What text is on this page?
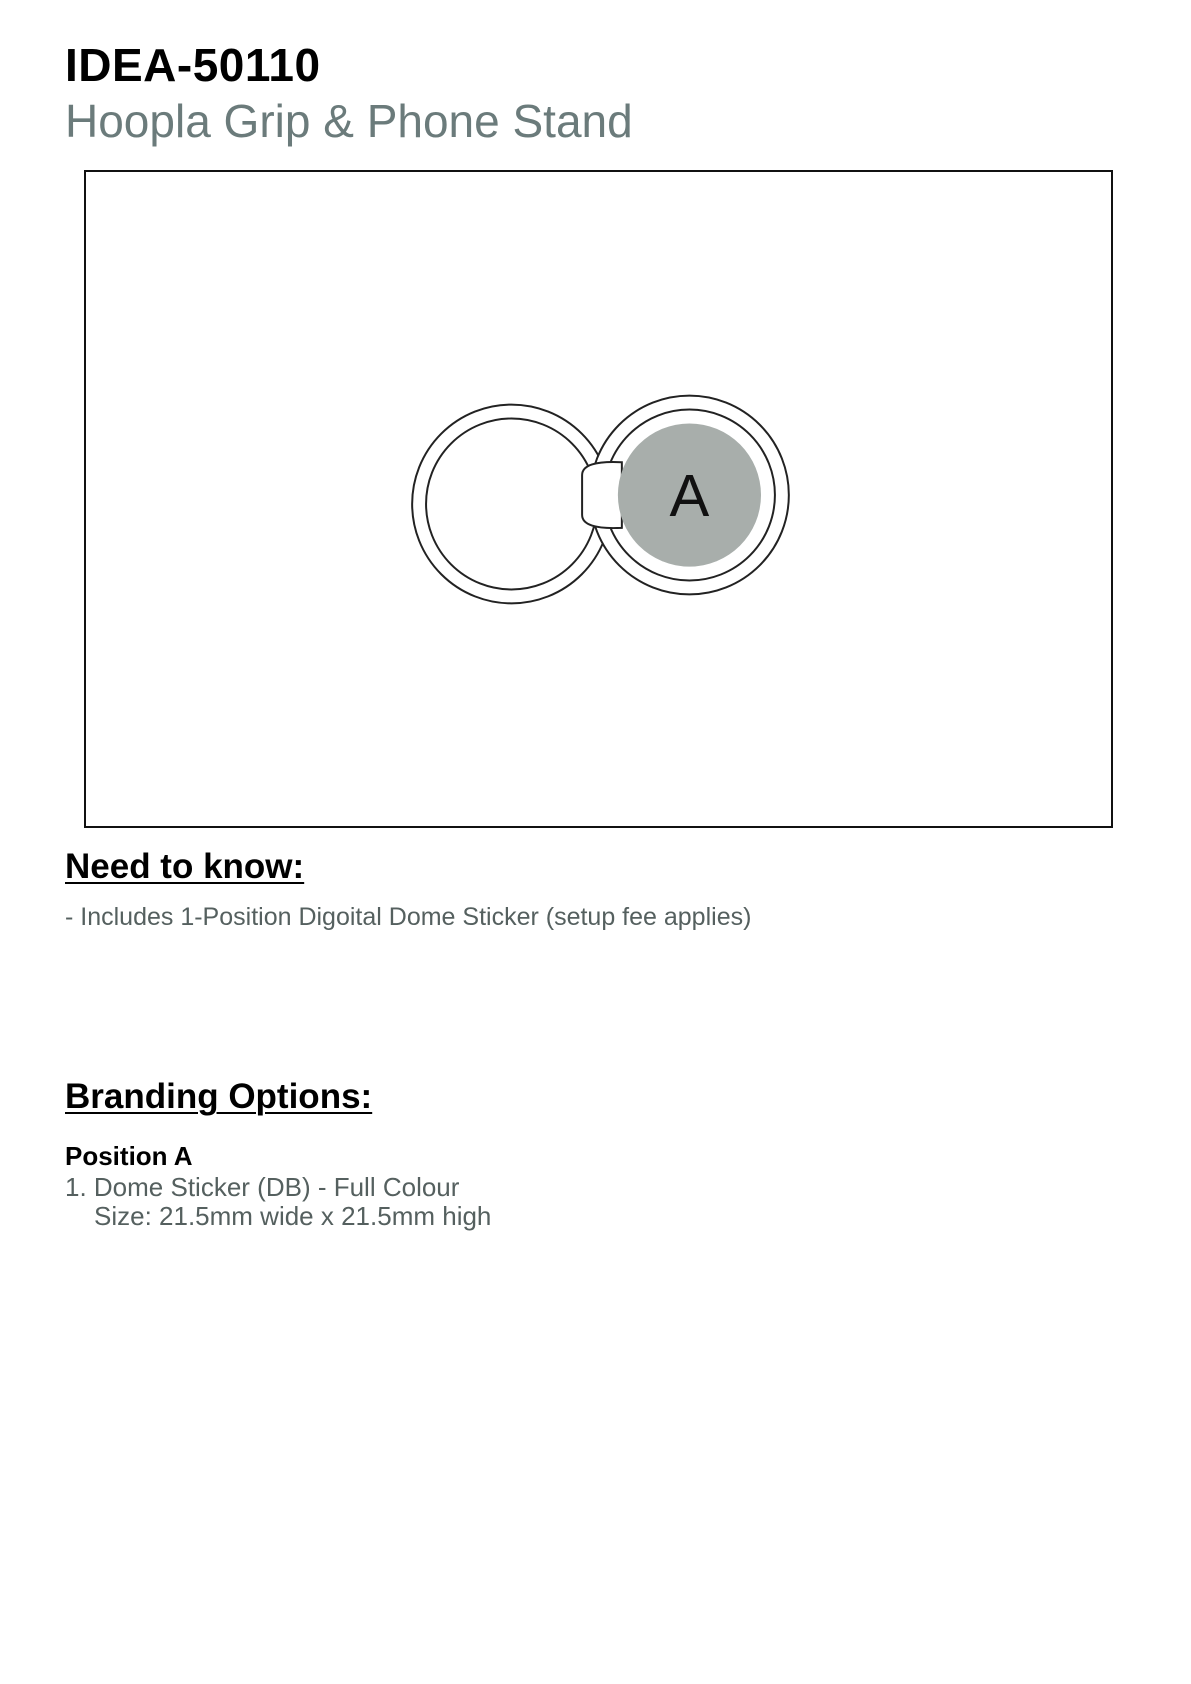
IDEA-50110
Hoopla Grip & Phone Stand
A
Need to know:

- Includes 1-Position Digoital Dome Sticker (setup fee applies)

Branding Options:

Position A

1. Dome Sticker (DB) - Full Colour

Size: 21.5mm wide x 21.5mm high
